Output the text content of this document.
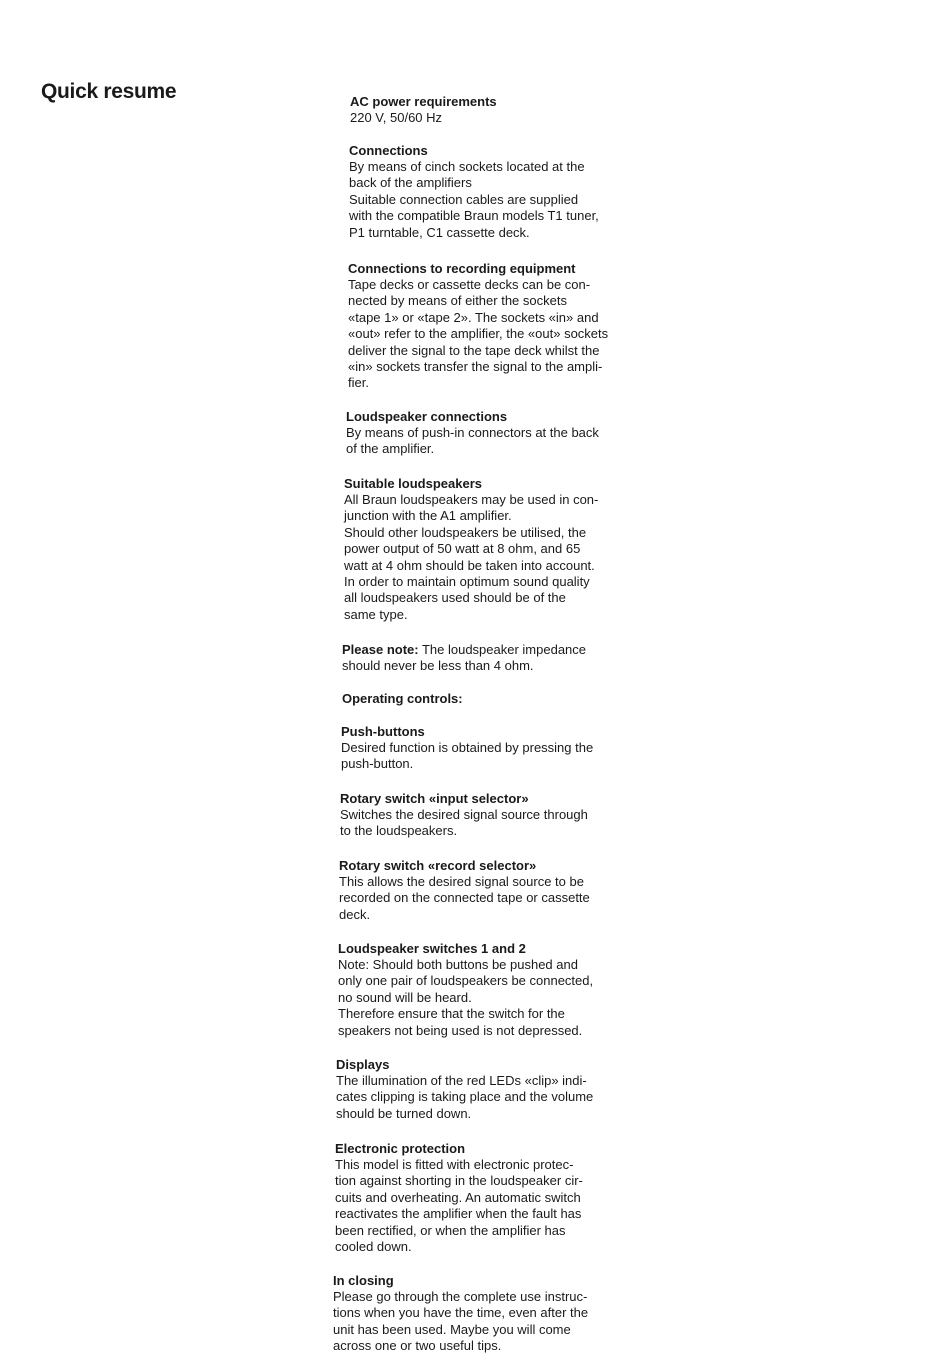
Quick resume	AC power requirements

220 V, 50/60 Hz

Connections

By means of cinch sockets located at the
back of the amplifiers
Suitable connection cables are supplied
with the compatible Braun models T1 tuner,
P1 turntable, C1 cassette deck.

Connections to recording equipment

Tape decks or cassette decks can be con-
nected by means of either the sockets
«tape 1» or «tape 2». The sockets «in» and
«out» refer to the amplifier, the «out» sockets
deliver the signal to the tape deck whilst the
«in» sockets transfer the signal to the ampli-
fier.

Loudspeaker connections

By means of push-in connectors at the back
of the amplifier.

Suitable loudspeakers

All Braun loudspeakers may be used in con-
junction with the A1 amplifier.
Should other loudspeakers be utilised, the
power output of 50 watt at 8 ohm, and 65
watt at 4 ohm should be taken into account.
In order to maintain optimum sound quality
all loudspeakers used should be of the
same type.

Please note: The loudspeaker impedance
should never be less than 4 ohm.

Operating controls:
Push-buttons

Desired function is obtained by pressing the
push-button.

Rotary switch «input selector»

Switches the desired signal source through
to the loudspeakers.

Rotary switch «record selector»

This allows the desired signal source to be
recorded on the connected tape or cassette
deck.

Loudspeaker switches 1 and 2

Note: Should both buttons be pushed and
only one pair of loudspeakers be connected,
no sound will be heard.
Therefore ensure that the switch for the
speakers not being used is not depressed.

Displays

The illumination of the red LEDs «clip» indi-
cates clipping is taking place and the volume
should be turned down.

Electronic protection

This model is fitted with electronic protec-
tion against shorting in the loudspeaker cir-
cuits and overheating. An automatic switch
reactivates the amplifier when the fault has
been rectified, or when the amplifier has
cooled down.

In closing

Please go through the complete use instruc-
tions when you have the time, even after the
unit has been used. Maybe you will come
across one or two useful tips.
